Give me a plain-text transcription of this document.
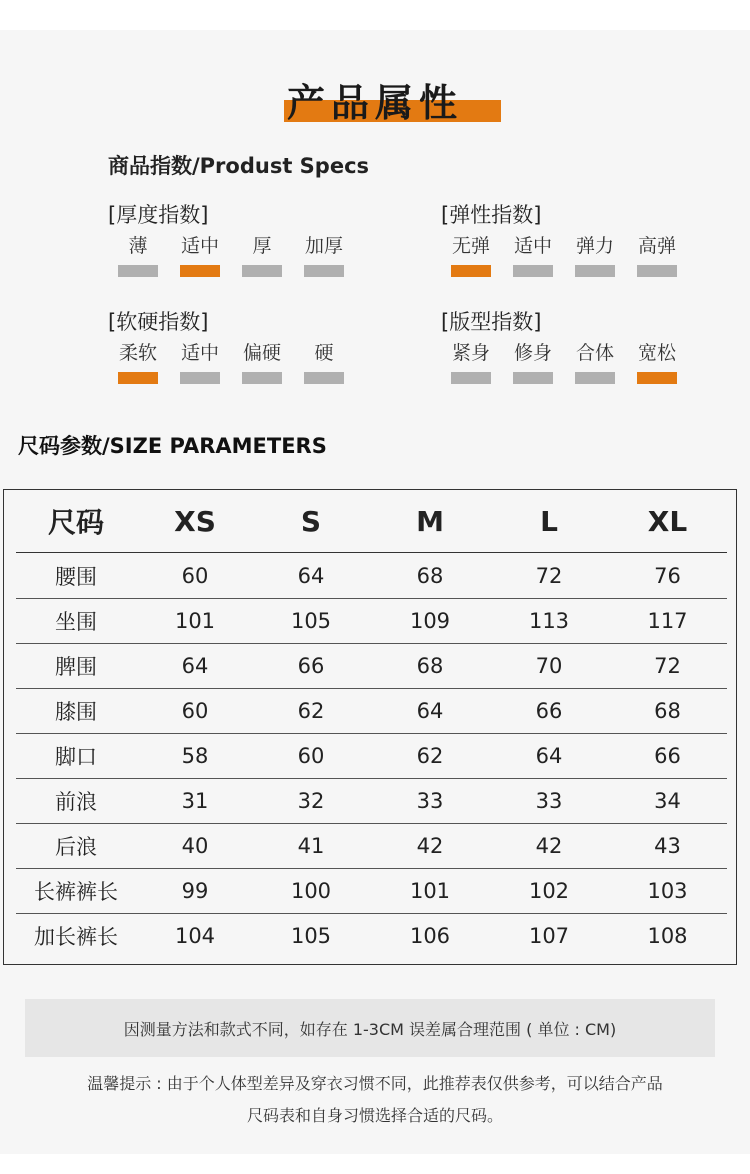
产品属性
商品指数/Produst Specs
[厚度指数]
薄 适中 厚 加厚
[弹性指数]
无弹 适中 弹力 高弹
[软硬指数]
柔软 适中 偏硬 硬
[版型指数]
紧身 修身 合体 宽松
尺码参数/SIZE PARAMETERS
尺码	XS	S	M	L	XL
腰围	60	64	68	72	76
坐围	101	105	109	113	117
脾围	64	66	68	70	72
膝围	60	62	64	66	68
脚口	58	60	62	64	66
前浪	31	32	33	33	34
后浪	40	41	42	42	43
长裤裤长	99	100	101	102	103
加长裤长	104	105	106	107	108
因测量方法和款式不同，如存在 1-3CM 误差属合理范围 ( 单位 : CM)
温馨提示 : 由于个人体型差异及穿衣习惯不同，此推荐表仅供参考，可以结合产品
尺码表和自身习惯选择合适的尺码。
